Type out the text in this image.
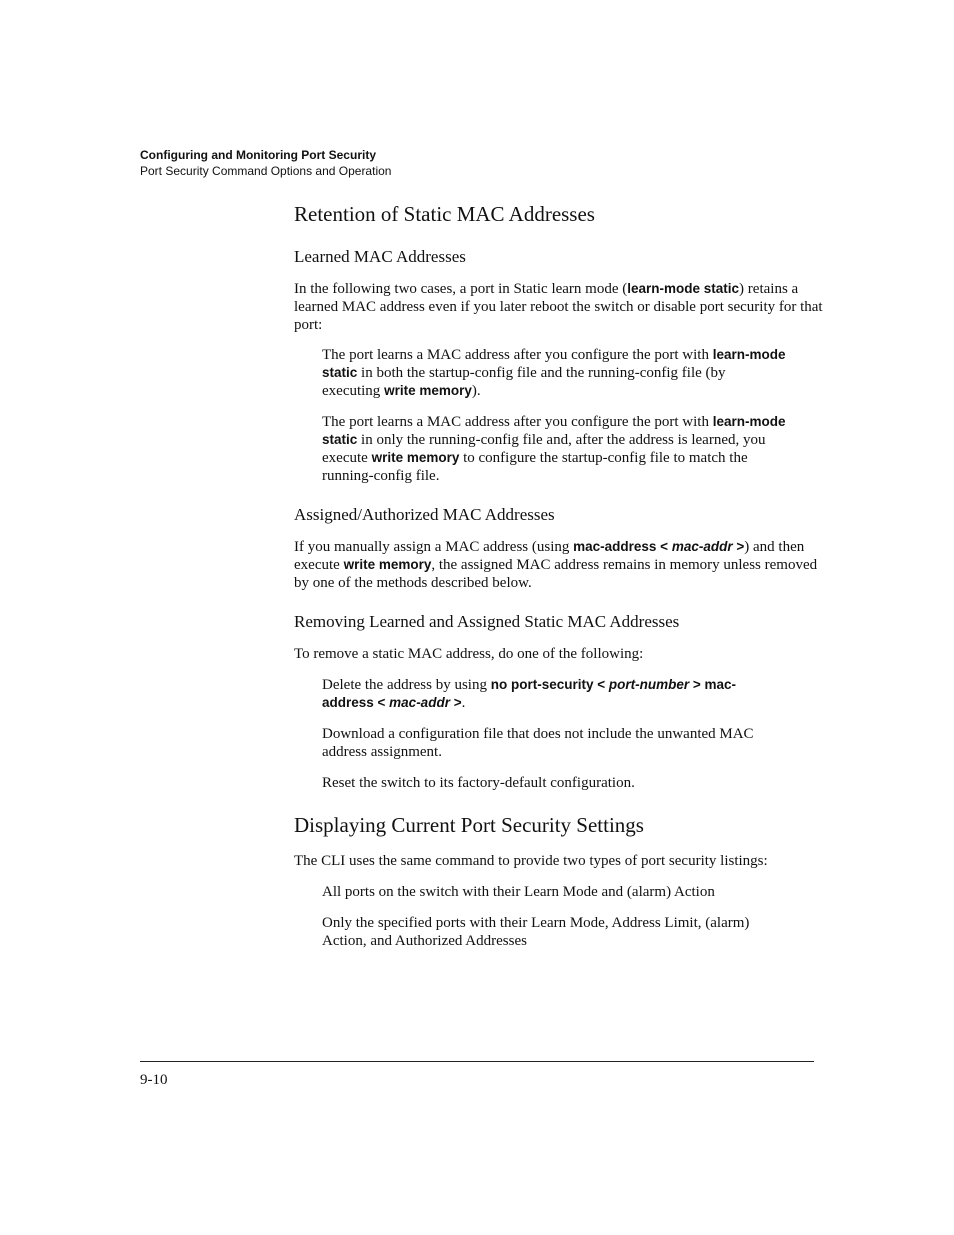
Configuring and Monitoring Port Security
Port Security Command Options and Operation
Retention of Static MAC Addresses
Learned MAC Addresses

In the following two cases, a port in Static learn mode (learn-mode static) retains a learned MAC address even if you later reboot the switch or disable port security for that port:

The port learns a MAC address after you configure the port with learn-mode static in both the startup-config file and the running-config file (by executing write memory).

The port learns a MAC address after you configure the port with learn-mode static in only the running-config file and, after the address is learned, you execute write memory to configure the startup-config file to match the running-config file.

Assigned/Authorized MAC Addresses

If you manually assign a MAC address (using mac-address < mac-addr >) and then execute write memory, the assigned MAC address remains in memory unless removed by one of the methods described below.

Removing Learned and Assigned Static MAC Addresses

To remove a static MAC address, do one of the following:

Delete the address by using no port-security < port-number > mac-address < mac-addr >.

Download a configuration file that does not include the unwanted MAC address assignment.

Reset the switch to its factory-default configuration.

Displaying Current Port Security Settings

The CLI uses the same command to provide two types of port security listings:

All ports on the switch with their Learn Mode and (alarm) Action

Only the specified ports with their Learn Mode, Address Limit, (alarm) Action, and Authorized Addresses

9-10
